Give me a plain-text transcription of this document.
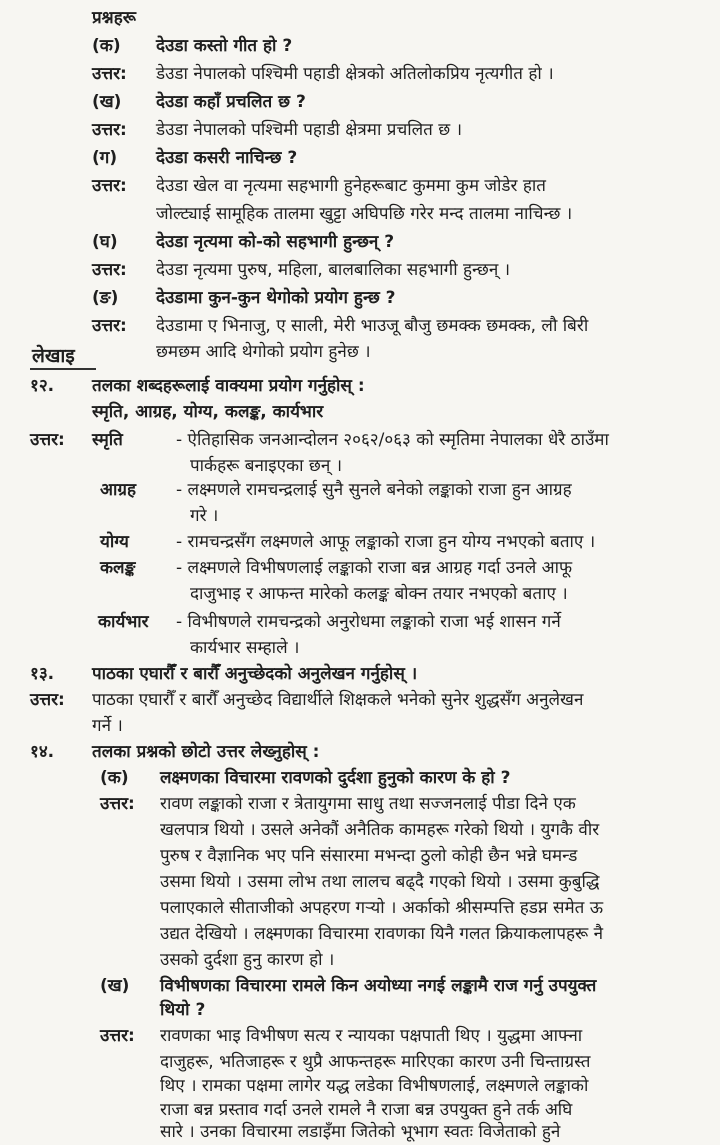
प्रश्नहरू
(क) देउडा कस्तो गीत हो ?
उत्तर: डेउडा नेपालको पश्चिमी पहाडी क्षेत्रको अतिलोकप्रिय नृत्यगीत हो ।
(ख) देउडा कहाँ प्रचलित छ ?
उत्तर: डेउडा नेपालको पश्चिमी पहाडी क्षेत्रमा प्रचलित छ ।
(ग) देउडा कसरी नाचिन्छ ?
उत्तर: देउडा खेल वा नृत्यमा सहभागी हुनेहरूबाट कुममा कुम जोडेर हात
जोल्ट्याई सामूहिक तालमा खुट्टा अघिपछि गरेर मन्द तालमा नाचिन्छ ।
(घ) देउडा नृत्यमा को-को सहभागी हुन्छन् ?
उत्तर: देउडा नृत्यमा पुरुष, महिला, बालबालिका सहभागी हुन्छन् ।
(ङ) देउडामा कुन-कुन थेगोको प्रयोग हुन्छ ?
उत्तर: देउडामा ए भिनाजु, ए साली, मेरी भाउजू बौजु छमक्क छमक्क, लौ बिरी
छमछम आदि थेगोको प्रयोग हुनेछ ।
लेखाइ
१२. तलका शब्दहरूलाई वाक्यमा प्रयोग गर्नुहोस् :
स्मृति, आग्रह, योग्य, कलङ्क, कार्यभार
उत्तर: स्मृति	- ऐतिहासिक जनआन्दोलन २०६२/०६३ को स्मृतिमा नेपालका धेरै ठाउँमा
पार्कहरू बनाइएका छन् ।
आग्रह - लक्ष्मणले रामचन्द्रलाई सुनै सुनले बनेको लङ्काको राजा हुन आग्रह
गरे ।
योग्य	- रामचन्द्रसँग लक्ष्मणले आफू लङ्काको राजा हुन योग्य नभएको बताए ।
कलङ्क - लक्ष्मणले विभीषणलाई लङ्काको राजा बन्न आग्रह गर्दा उनले आफू
दाजुभाइ र आफन्त मारेको कलङ्क बोक्न तयार नभएको बताए ।
कार्यभार - विभीषणले रामचन्द्रको अनुरोधमा लङ्काको राजा भई शासन गर्ने
कार्यभार सम्हाले ।
१३. पाठका एघारौँ र बारौँ अनुच्छेदको अनुलेखन गर्नुहोस् ।
उत्तर: पाठका एघारौँ र बारौँ अनुच्छेद विद्यार्थीले शिक्षकले भनेको सुनेर शुद्धसँग अनुलेखन
गर्ने ।
१४. तलका प्रश्नको छोटो उत्तर लेख्नुहोस् :
(क) लक्ष्मणका विचारमा रावणको दुर्दशा हुनुको कारण के हो ?
उत्तर: रावण लङ्काको राजा र त्रेतायुगमा साधु तथा सज्जनलाई पीडा दिने एक
खलपात्र थियो । उसले अनेकौं अनैतिक कामहरू गरेको थियो । युगकै वीर
पुरुष र वैज्ञानिक भए पनि संसारमा मभन्दा ठुलो कोही छैन भन्ने घमन्ड
उसमा थियो । उसमा लोभ तथा लालच बढ्दै गएको थियो । उसमा कुबुद्धि
पलाएकाले सीताजीको अपहरण गऱ्यो । अर्काको श्रीसम्पत्ति हडप्न समेत ऊ
उद्यत देखियो । लक्ष्मणका विचारमा रावणका यिनै गलत क्रियाकलापहरू नै
उसको दुर्दशा हुनु कारण हो ।
(ख) विभीषणका विचारमा रामले किन अयोध्या नगई लङ्कामै राज गर्नु उपयुक्त
थियो ?
उत्तर: रावणका भाइ विभीषण सत्य र न्यायका पक्षपाती थिए । युद्धमा आफ्ना
दाजुहरू, भतिजाहरू र थुप्रै आफन्तहरू मारिएका कारण उनी चिन्ताग्रस्त
थिए । रामका पक्षमा लागेर यद्ध लडेका विभीषणलाई, लक्ष्मणले लङ्काको
राजा बन्न प्रस्ताव गर्दा उनले रामले नै राजा बन्न उपयुक्त हुने तर्क अघि
सारे । उनका विचारमा लडाइँमा जितेको भूभाग स्वतः विजेताको हुने
